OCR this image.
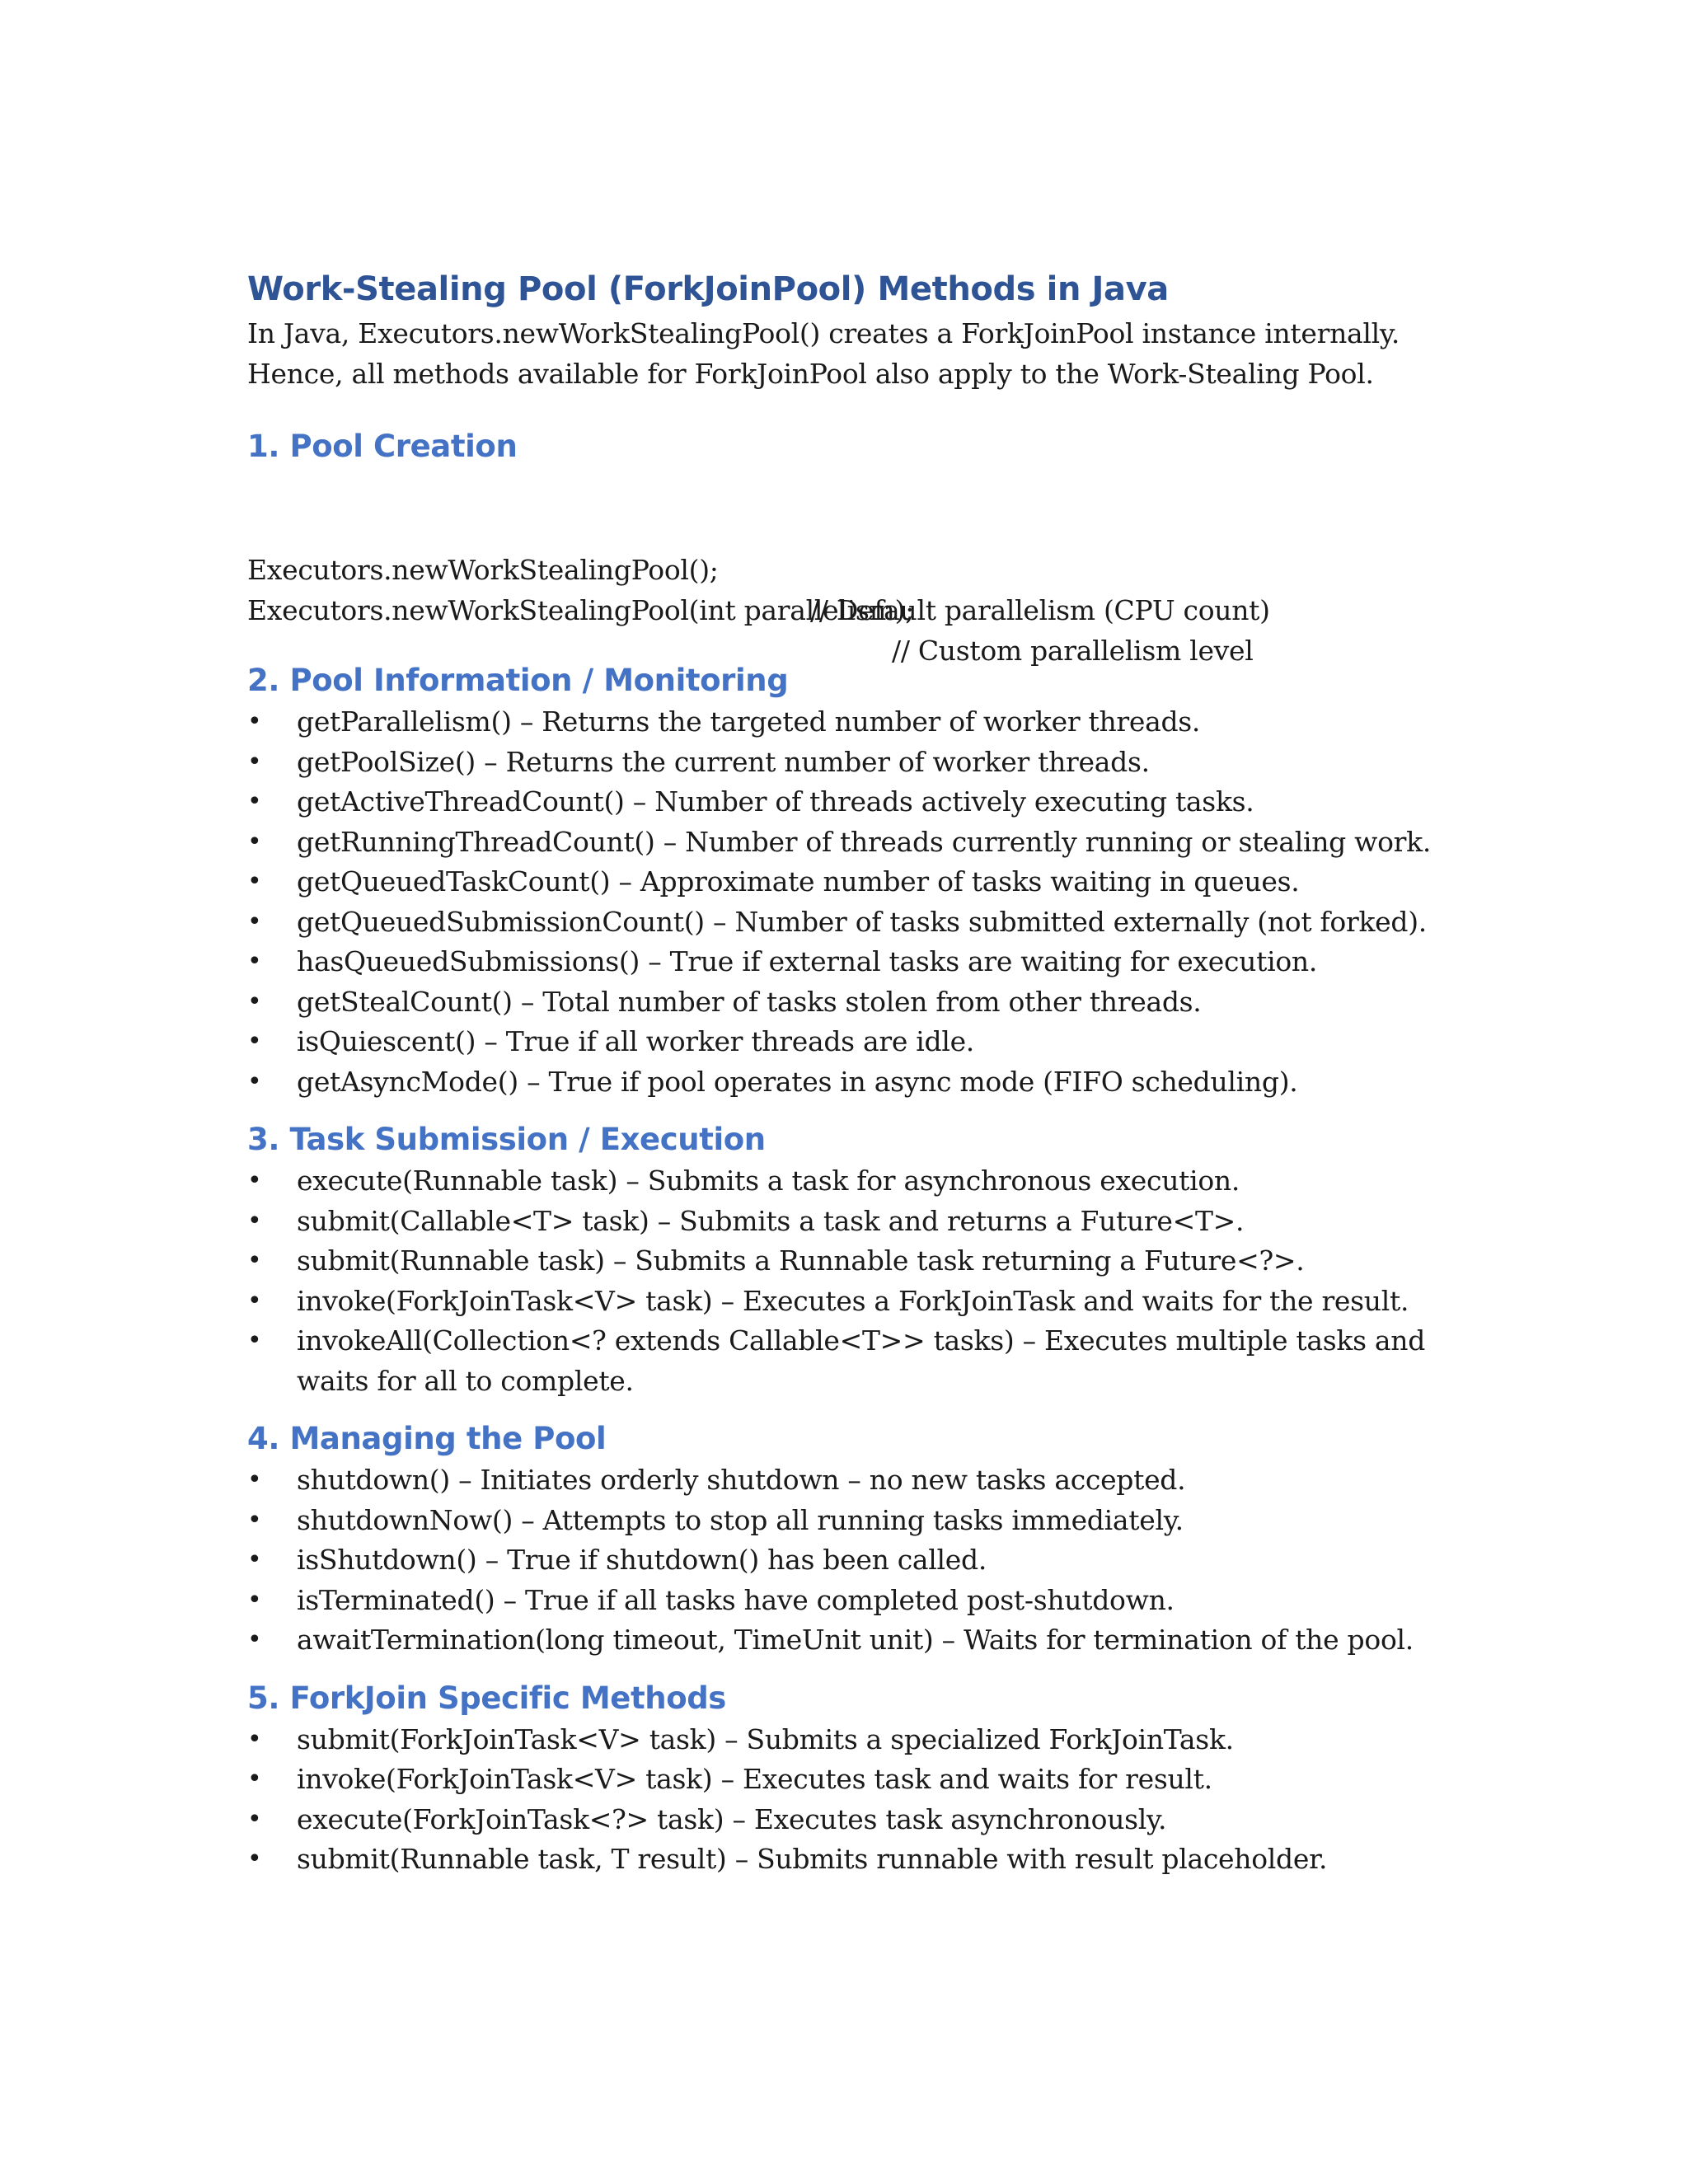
Work-Stealing Pool (ForkJoinPool) Methods in Java

In Java, Executors.newWorkStealingPool() creates a ForkJoinPool instance internally. Hence, all methods available for ForkJoinPool also apply to the Work-Stealing Pool.

1. Pool Creation

Executors.newWorkStealingPool();

// Default parallelism (CPU count)

Executors.newWorkStealingPool(int parallelism);

// Custom parallelism level

2. Pool Information / Monitoring
• getParallelism() – Returns the targeted number of worker threads.
• getPoolSize() – Returns the current number of worker threads.
• getActiveThreadCount() – Number of threads actively executing tasks.
• getRunningThreadCount() – Number of threads currently running or stealing work.
• getQueuedTaskCount() – Approximate number of tasks waiting in queues.
• getQueuedSubmissionCount() – Number of tasks submitted externally (not forked).
• hasQueuedSubmissions() – True if external tasks are waiting for execution.
• getStealCount() – Total number of tasks stolen from other threads.
• isQuiescent() – True if all worker threads are idle.
• getAsyncMode() – True if pool operates in async mode (FIFO scheduling).
3. Task Submission / Execution
• execute(Runnable task) – Submits a task for asynchronous execution.
• submit(Callable<T> task) – Submits a task and returns a Future<T>.
• submit(Runnable task) – Submits a Runnable task returning a Future<?>.
• invoke(ForkJoinTask<V> task) – Executes a ForkJoinTask and waits for the result.
• invokeAll(Collection<? extends Callable<T>> tasks) – Executes multiple tasks and waits for all to complete.
4. Managing the Pool
• shutdown() – Initiates orderly shutdown – no new tasks accepted.
• shutdownNow() – Attempts to stop all running tasks immediately.
• isShutdown() – True if shutdown() has been called.
• isTerminated() – True if all tasks have completed post-shutdown.
• awaitTermination(long timeout, TimeUnit unit) – Waits for termination of the pool.
5. ForkJoin Specific Methods
• submit(ForkJoinTask<V> task) – Submits a specialized ForkJoinTask.
• invoke(ForkJoinTask<V> task) – Executes task and waits for result.
• execute(ForkJoinTask<?> task) – Executes task asynchronously.
• submit(Runnable task, T result) – Submits runnable with result placeholder.
